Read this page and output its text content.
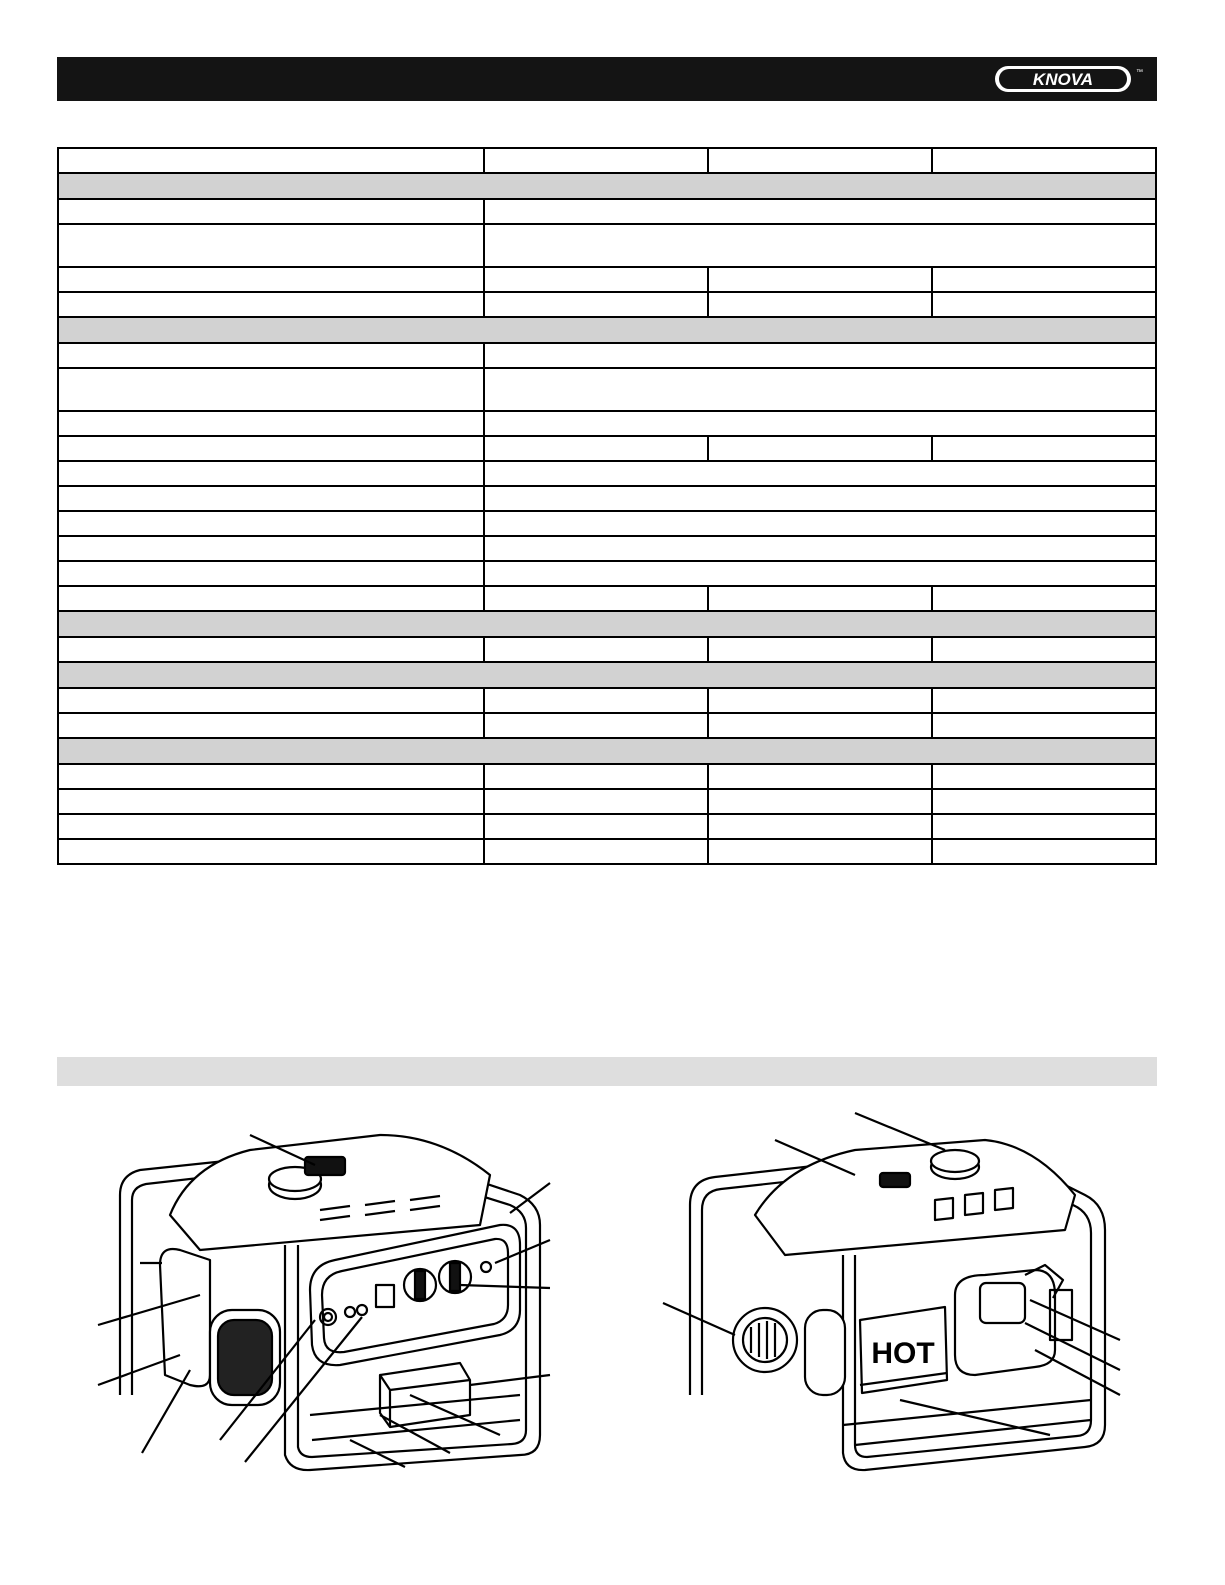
KNOVA	™

HOT
